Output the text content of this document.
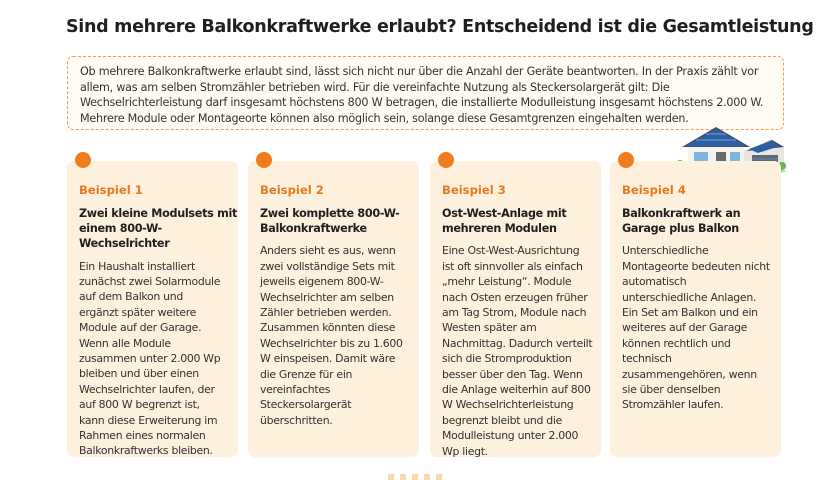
Sind mehrere Balkonkraftwerke erlaubt? Entscheidend ist die Gesamtleistung
Ob mehrere Balkonkraftwerke erlaubt sind, lässt sich nicht nur über die Anzahl der Geräte beantworten. In der Praxis zählt vor
allem, was am selben Stromzähler betrieben wird. Für die vereinfachte Nutzung als Steckersolargerät gilt: Die
Wechselrichterleistung darf insgesamt höchstens 800 W betragen, die installierte Modulleistung insgesamt höchstens 2.000 W.
Mehrere Module oder Montageorte können also möglich sein, solange diese Gesamtgrenzen eingehalten werden.
Beispiel 1
Zwei kleine Modulsets mit
einem 800-W-
Wechselrichter
Ein Haushalt installiert
zunächst zwei Solarmodule
auf dem Balkon und
ergänzt später weitere
Module auf der Garage.
Wenn alle Module
zusammen unter 2.000 Wp
bleiben und über einen
Wechselrichter laufen, der
auf 800 W begrenzt ist,
kann diese Erweiterung im
Rahmen eines normalen
Balkonkraftwerks bleiben.
Beispiel 2
Zwei komplette 800-W-
Balkonkraftwerke
Anders sieht es aus, wenn
zwei vollständige Sets mit
jeweils eigenem 800-W-
Wechselrichter am selben
Zähler betrieben werden.
Zusammen könnten diese
Wechselrichter bis zu 1.600
W einspeisen. Damit wäre
die Grenze für ein
vereinfachtes
Steckersolargerät
überschritten.
Beispiel 3
Ost-West-Anlage mit
mehreren Modulen
Eine Ost-West-Ausrichtung
ist oft sinnvoller als einfach
„mehr Leistung“. Module
nach Osten erzeugen früher
am Tag Strom, Module nach
Westen später am
Nachmittag. Dadurch verteilt
sich die Stromproduktion
besser über den Tag. Wenn
die Anlage weiterhin auf 800
W Wechselrichterleistung
begrenzt bleibt und die
Modulleistung unter 2.000
Wp liegt.
Beispiel 4
Balkonkraftwerk an
Garage plus Balkon
Unterschiedliche
Montageorte bedeuten nicht
automatisch
unterschiedliche Anlagen.
Ein Set am Balkon und ein
weiteres auf der Garage
können rechtlich und
technisch
zusammengehören, wenn
sie über denselben
Stromzähler laufen.
